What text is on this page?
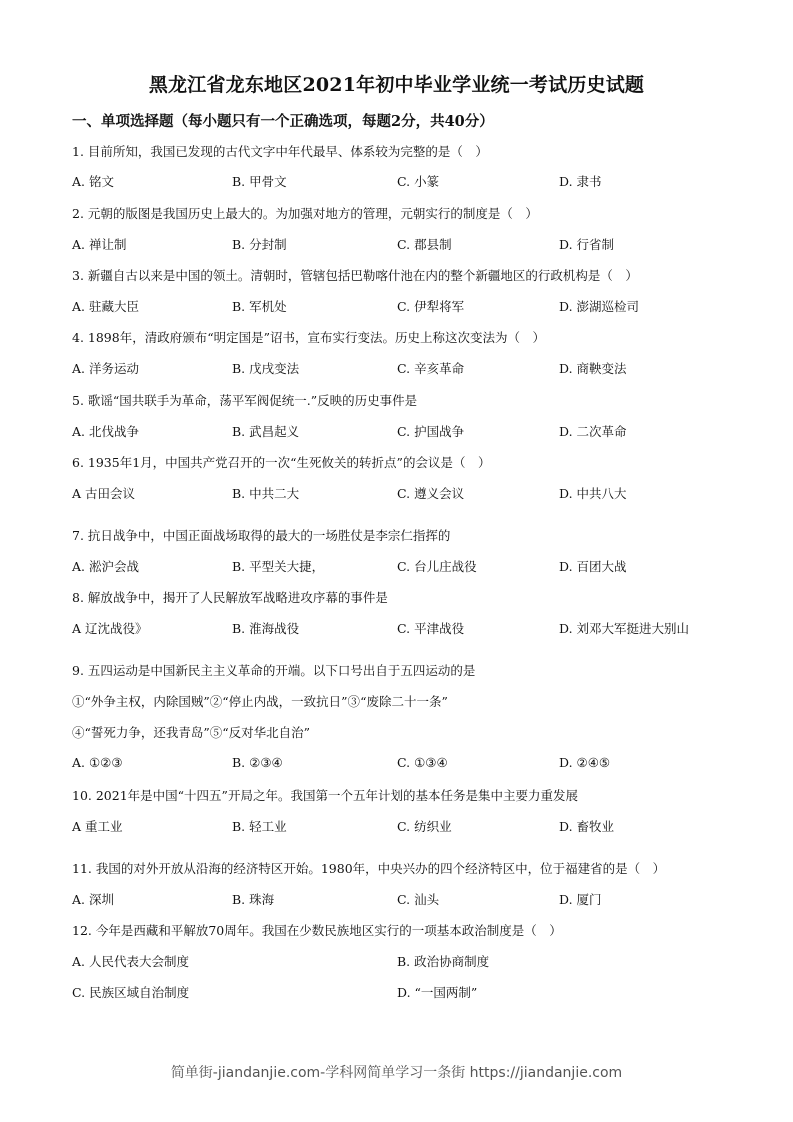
黑龙江省龙东地区2021年初中毕业学业统一考试历史试题
一、单项选择题（每小题只有一个正确选项，每题2分，共40分）
1. 目前所知，我国已发现的古代文字中年代最早、体系较为完整的是（　）
A. 铭文	B. 甲骨文	C. 小篆	D. 隶书
2. 元朝的版图是我国历史上最大的。为加强对地方的管理，元朝实行的制度是（　）
A. 禅让制	B. 分封制	C. 郡县制	D. 行省制
3. 新疆自古以来是中国的领土。清朝时，管辖包括巴勒喀什池在内的整个新疆地区的行政机构是（　）
A. 驻藏大臣	B. 军机处	C. 伊犁将军	D. 澎湖巡检司
4. 1898年，清政府颁布“明定国是”诏书，宣布实行变法。历史上称这次变法为（　）
A. 洋务运动	B. 戊戌变法	C. 辛亥革命	D. 商鞅变法
5. 歌谣“国共联手为革命，荡平军阀促统一.”反映的历史事件是
A. 北伐战争	B. 武昌起义	C. 护国战争	D. 二次革命
6. 1935年1月，中国共产党召开的一次“生死攸关的转折点”的会议是（　）
A 古田会议	B. 中共二大	C. 遵义会议	D. 中共八大
7. 抗日战争中，中国正面战场取得的最大的一场胜仗是李宗仁指挥的
A. 淞沪会战	B. 平型关大捷，	C. 台儿庄战役	D. 百团大战
8. 解放战争中，揭开了人民解放军战略进攻序幕的事件是
A 辽沈战役》	B. 淮海战役	C. 平津战役	D. 刘邓大军挺进大别山
9. 五四运动是中国新民主主义革命的开端。以下口号出自于五四运动的是
①“外争主权，内除国贼”②“停止内战，一致抗日”③“废除二十一条”
④“誓死力争，还我青岛”⑤“反对华北自治”
A. ①②③	B. ②③④	C. ①③④	D. ②④⑤
10. 2021年是中国“十四五”开局之年。我国第一个五年计划的基本任务是集中主要力重发展
A 重工业	B. 轻工业	C. 纺织业	D. 畜牧业
11. 我国的对外开放从沿海的经济特区开始。1980年，中央兴办的四个经济特区中，位于福建省的是（　）
A. 深圳	B. 珠海	C. 汕头	D. 厦门
12. 今年是西藏和平解放70周年。我国在少数民族地区实行的一项基本政治制度是（　）
A. 人民代表大会制度	B. 政治协商制度
C. 民族区域自治制度	D. “一国两制”
简单街-jiandanjie.com-学科网简单学习一条街 https://jiandanjie.com
